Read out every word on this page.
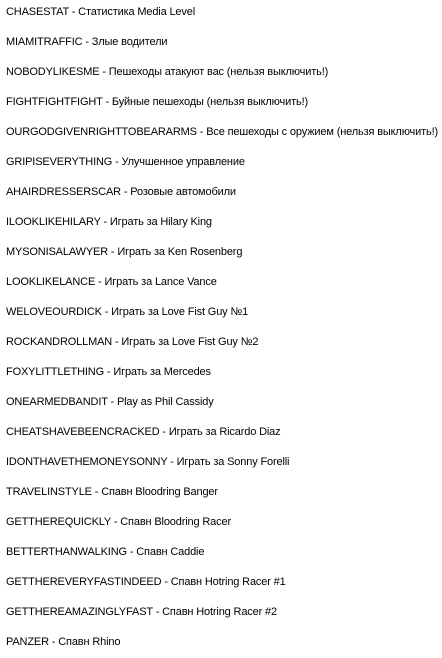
CHASESTAT - Статистика Media Level
MIAMITRAFFIC - Злые водители
NOBODYLIKESME - Пешеходы атакуют вас (нельзя выключить!)
FIGHTFIGHTFIGHT - Буйные пешеходы (нельзя выключить!)
OURGODGIVENRIGHTTOBEARARMS - Все пешеходы с оружием (нельзя выключить!)
GRIPISEVERYTHING - Улучшенное управление
AHAIRDRESSERSCAR - Розовые автомобили
ILOOKLIKEHILARY - Играть за Hilary King
MYSONISALAWYER - Играть за Ken Rosenberg
LOOKLIKELANCE - Играть за Lance Vance
WELOVEOURDICK - Играть за Love Fist Guy №1
ROCKANDROLLMAN - Играть за Love Fist Guy №2
FOXYLITTLETHING - Играть за Mercedes
ONEARMEDBANDIT - Play as Phil Cassidy
CHEATSHAVEBEENCRACKED - Играть за Ricardo Diaz
IDONTHAVETHEMONEYSONNY - Играть за Sonny Forelli
TRAVELINSTYLE - Спавн Bloodring Banger
GETTHEREQUICKLY - Спавн Bloodring Racer
BETTERTHANWALKING - Спавн Caddie
GETTHEREVERYFASTINDEED - Спавн Hotring Racer #1
GETTHEREAMAZINGLYFAST - Спавн Hotring Racer #2
PANZER - Спавн Rhino
